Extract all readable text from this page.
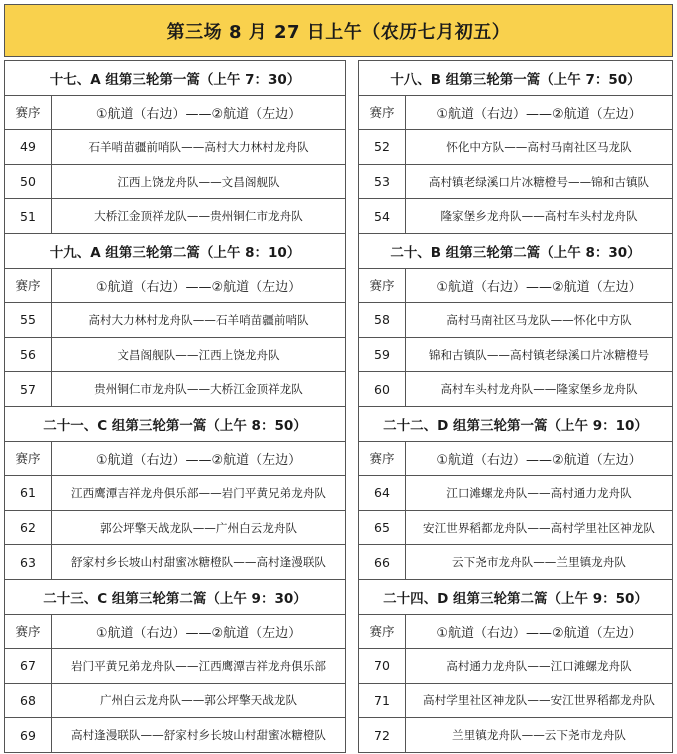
第三场 8 月 27 日上午（农历七月初五）
十七、A 组第三轮第一篙（上午 7：30）	
赛序	①航道（右边）——②航道（左边）
49	石羊哨苗疆前哨队——高村大力林村龙舟队
50	江西上饶龙舟队——文昌阁舰队
51	大桥江金顶祥龙队——贵州铜仁市龙舟队
十九、A 组第三轮第二篙（上午 8：10）	
赛序	①航道（右边）——②航道（左边）
55	高村大力林村龙舟队——石羊哨苗疆前哨队
56	文昌阁舰队——江西上饶龙舟队
57	贵州铜仁市龙舟队——大桥江金顶祥龙队
二十一、C 组第三轮第一篙（上午 8：50）	
赛序	①航道（右边）——②航道（左边）
61	江西鹰潭吉祥龙舟俱乐部——岩门平黄兄弟龙舟队
62	郭公坪擎天战龙队——广州白云龙舟队
63	舒家村乡长坡山村甜蜜冰糖橙队——高村逢漫联队
二十三、C 组第三轮第二篙（上午 9：30）	
赛序	①航道（右边）——②航道（左边）
67	岩门平黄兄弟龙舟队——江西鹰潭吉祥龙舟俱乐部
68	广州白云龙舟队——郭公坪擎天战龙队
69	高村逢漫联队——舒家村乡长坡山村甜蜜冰糖橙队
十八、B 组第三轮第一篙（上午 7：50）	
赛序	①航道（右边）——②航道（左边）
52	怀化中方队——高村马南社区马龙队
53	高村镇老绿溪口片冰糖橙号——锦和古镇队
54	隆家堡乡龙舟队——高村车头村龙舟队
二十、B 组第三轮第二篙（上午 8：30）	
赛序	①航道（右边）——②航道（左边）
58	高村马南社区马龙队——怀化中方队
59	锦和古镇队——高村镇老绿溪口片冰糖橙号
60	高村车头村龙舟队——隆家堡乡龙舟队
二十二、D 组第三轮第一篙（上午 9：10）	
赛序	①航道（右边）——②航道（左边）
64	江口滩螺龙舟队——高村通力龙舟队
65	安江世界稻都龙舟队——高村学里社区神龙队
66	云下尧市龙舟队——兰里镇龙舟队
二十四、D 组第三轮第二篙（上午 9：50）	
赛序	①航道（右边）——②航道（左边）
70	高村通力龙舟队——江口滩螺龙舟队
71	高村学里社区神龙队——安江世界稻都龙舟队
72	兰里镇龙舟队——云下尧市龙舟队
